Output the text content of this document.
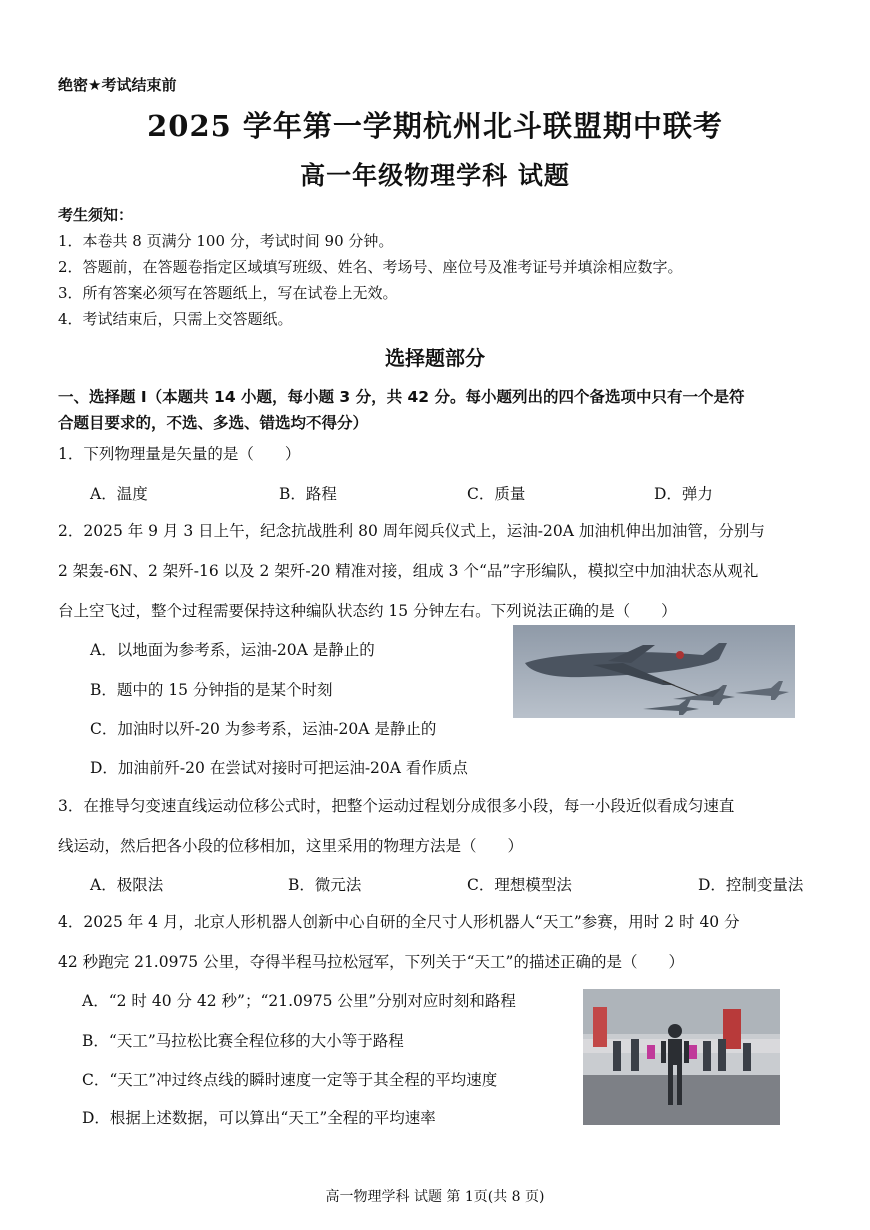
绝密★考试结束前
2025 学年第一学期杭州北斗联盟期中联考
高一年级物理学科 试题
考生须知：
1．本卷共 8 页满分 100 分，考试时间 90 分钟。
2．答题前，在答题卷指定区域填写班级、姓名、考场号、座位号及准考证号并填涂相应数字。
3．所有答案必须写在答题纸上，写在试卷上无效。
4．考试结束后，只需上交答题纸。
选择题部分
一、选择题 I（本题共 14 小题，每小题 3 分，共 42 分。每小题列出的四个备选项中只有一个是符
合题目要求的，不选、多选、错选均不得分）
1．下列物理量是矢量的是（　　）
A．温度	B．路程	C．质量	D．弹力
2．2025 年 9 月 3 日上午，纪念抗战胜利 80 周年阅兵仪式上，运油-20A 加油机伸出加油管，分别与
2 架轰-6N、2 架歼-16 以及 2 架歼-20 精准对接，组成 3 个“品”字形编队，模拟空中加油状态从观礼
台上空飞过，整个过程需要保持这种编队状态约 15 分钟左右。下列说法正确的是（　　）
A．以地面为参考系，运油-20A 是静止的
B．题中的 15 分钟指的是某个时刻
C．加油时以歼-20 为参考系，运油-20A 是静止的
D．加油前歼-20 在尝试对接时可把运油-20A 看作质点
3．在推导匀变速直线运动位移公式时，把整个运动过程划分成很多小段，每一小段近似看成匀速直
线运动，然后把各小段的位移相加，这里采用的物理方法是（　　）
A．极限法	B．微元法	C．理想模型法	D．控制变量法
4．2025 年 4 月，北京人形机器人创新中心自研的全尺寸人形机器人“天工”参赛，用时 2 时 40 分
42 秒跑完 21.0975 公里，夺得半程马拉松冠军，下列关于“天工”的描述正确的是（　　）
A．“2 时 40 分 42 秒”；“21.0975 公里”分别对应时刻和路程
B．“天工”马拉松比赛全程位移的大小等于路程
C．“天工”冲过终点线的瞬时速度一定等于其全程的平均速度
D．根据上述数据，可以算出“天工”全程的平均速率
高一物理学科 试题 第 1页(共 8 页)
